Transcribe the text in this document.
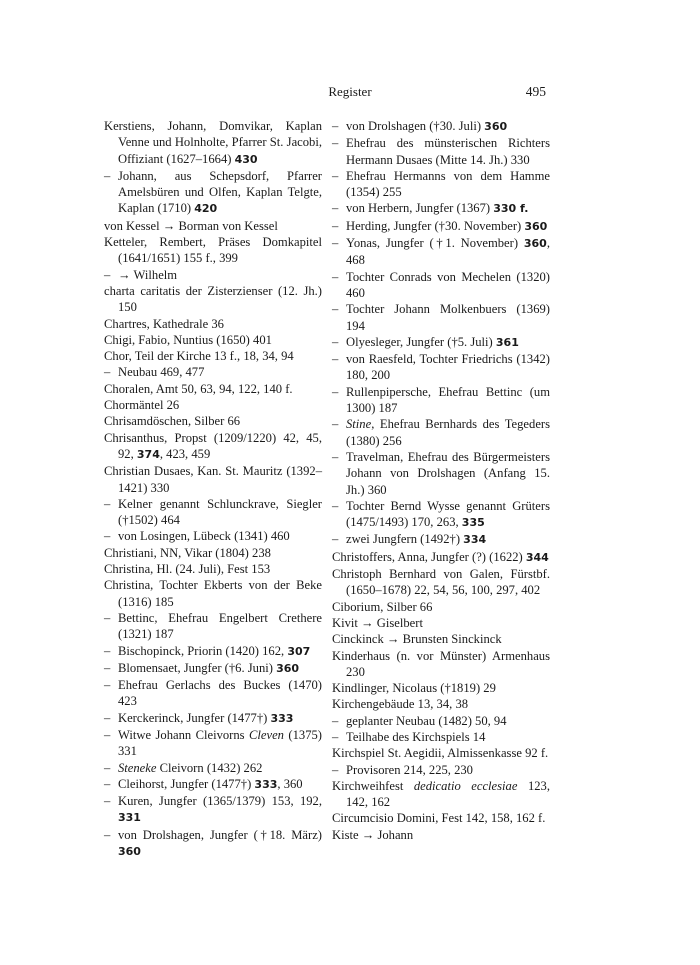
Register	495
Kerstiens, Johann, Domvikar, Kaplan Venne und Holnholte, Pfarrer St. Jacobi, Offiziant (1627–1664) 430
– Johann, aus Schepsdorf, Pfarrer Amelsbüren und Olfen, Kaplan Telgte, Kaplan (1710) 420
von Kessel → Borman von Kessel
Ketteler, Rembert, Präses Domkapitel (1641/1651) 155 f., 399
– → Wilhelm
charta caritatis der Zisterzienser (12. Jh.) 150
Chartres, Kathedrale 36
Chigi, Fabio, Nuntius (1650) 401
Chor, Teil der Kirche 13 f., 18, 34, 94
– Neubau 469, 477
Choralen, Amt 50, 63, 94, 122, 140 f.
Chormäntel 26
Chrisamdöschen, Silber 66
Chrisanthus, Propst (1209/1220) 42, 45, 92, 374, 423, 459
Christian Dusaes, Kan. St. Mauritz (1392–1421) 330
– Kelner genannt Schlunckrave, Siegler (†1502) 464
– von Losingen, Lübeck (1341) 460
Christiani, NN, Vikar (1804) 238
Christina, Hl. (24. Juli), Fest 153
Christina, Tochter Ekberts von der Beke (1316) 185
– Bettinc, Ehefrau Engelbert Crethere (1321) 187
– Bischopinck, Priorin (1420) 162, 307
– Blomensaet, Jungfer (†6. Juni) 360
– Ehefrau Gerlachs des Buckes (1470) 423
– Kerckerinck, Jungfer (1477†) 333
– Witwe Johann Cleivorns Cleven (1375) 331
– Steneke Cleivorn (1432) 262
– Cleihorst, Jungfer (1477†) 333, 360
– Kuren, Jungfer (1365/1379) 153, 192, 331
– von Drolshagen, Jungfer (†18. März) 360
– von Drolshagen (†30. Juli) 360
– Ehefrau des münsterischen Richters Hermann Dusaes (Mitte 14. Jh.) 330
– Ehefrau Hermanns von dem Hamme (1354) 255
– von Herbern, Jungfer (1367) 330 f.
– Herding, Jungfer (†30. November) 360
– Yonas, Jungfer (†1. November) 360, 468
– Tochter Conrads von Mechelen (1320) 460
– Tochter Johann Molkenbuers (1369) 194
– Olyesleger, Jungfer (†5. Juli) 361
– von Raesfeld, Tochter Friedrichs (1342) 180, 200
– Rullenpipersche, Ehefrau Bettinc (um 1300) 187
– Stine, Ehefrau Bernhards des Tegeders (1380) 256
– Travelman, Ehefrau des Bürgermeisters Johann von Drolshagen (Anfang 15. Jh.) 360
– Tochter Bernd Wysse genannt Grüters (1475/1493) 170, 263, 335
– zwei Jungfern (1492†) 334
Christoffers, Anna, Jungfer (?) (1622) 344
Christoph Bernhard von Galen, Fürstbf. (1650–1678) 22, 54, 56, 100, 297, 402
Ciborium, Silber 66
Kivit → Giselbert
Cinckinck → Brunsten Sinckinck
Kinderhaus (n. vor Münster) Armenhaus 230
Kindlinger, Nicolaus (†1819) 29
Kirchengebäude 13, 34, 38
– geplanter Neubau (1482) 50, 94
– Teilhabe des Kirchspiels 14
Kirchspiel St. Aegidii, Almissenkasse 92 f.
– Provisoren 214, 225, 230
Kirchweihfest dedicatio ecclesiae 123, 142, 162
Circumcisio Domini, Fest 142, 158, 162 f.
Kiste → Johann
